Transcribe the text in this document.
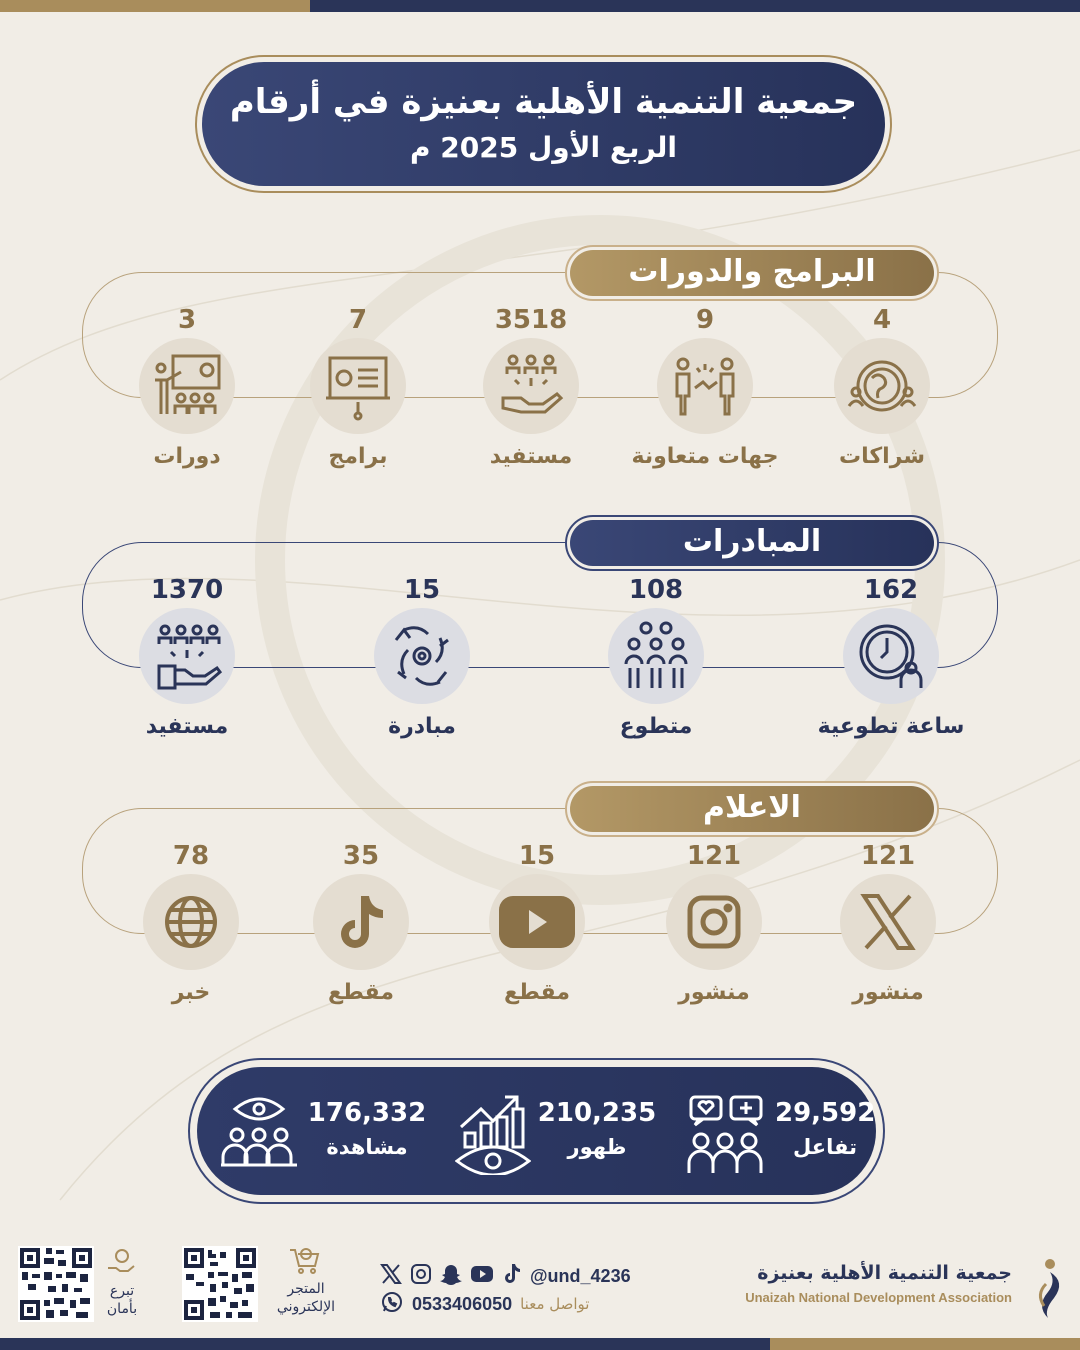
جمعية التنمية الأهلية بعنيزة في أرقام
الربع الأول 2025 م
البرامج والدورات
4
شراكات
9
جهات متعاونة
3518
مستفيد
7
برامج
3
دورات
المبادرات
162
ساعة تطوعية
108
متطوع
15
مبادرة
1370
مستفيد
الاعلام
121
منشور
121
منشور
15
مقطع
35
مقطع
78
خبر
29,592
تفاعل
210,235
ظهور
176,332
مشاهدة
جمعية التنمية الأهلية بعنيزة
Unaizah National Development Association
@und_4236
0533406050 تواصل معنا
المتجر
الإلكتروني
تبرع
بأمان
